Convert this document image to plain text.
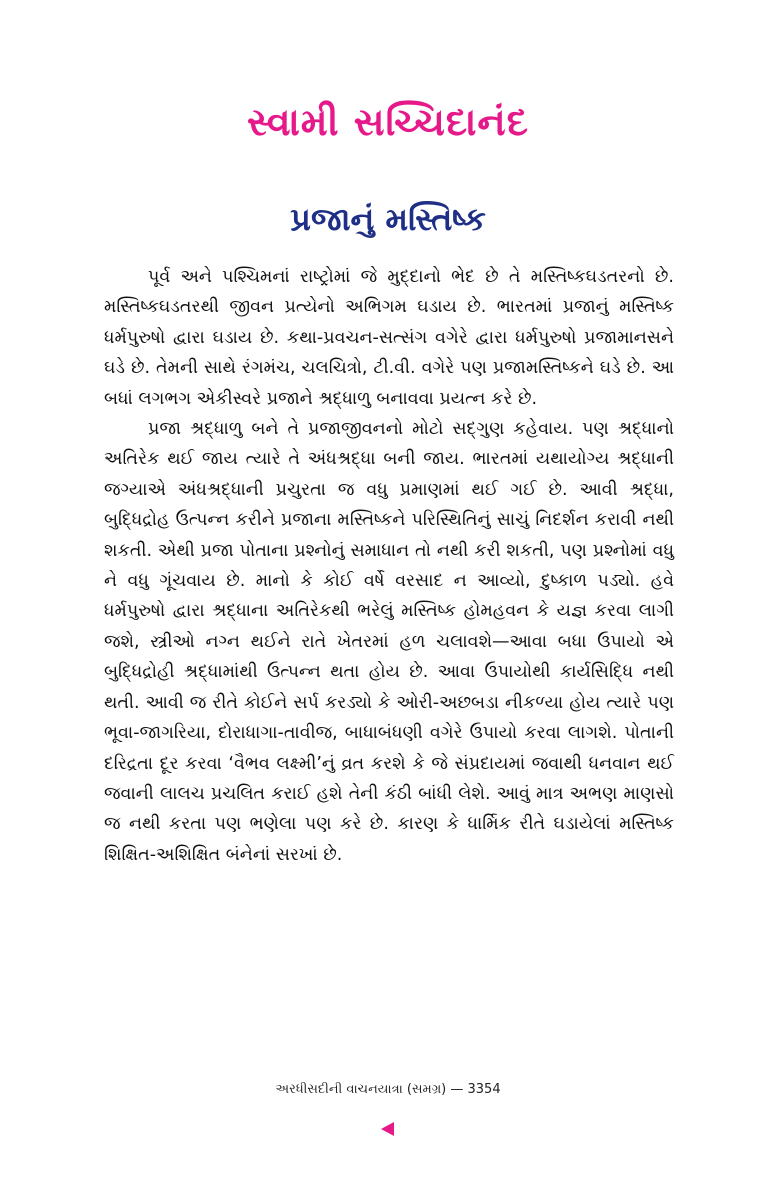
સ્વામી સચ્ચિદાનંદ
પ્રજાનું મસ્તિષ્ક

પૂર્વ અને પશ્ચિમનાં રાષ્ટ્રોમાં જે મુદ્દાનો ભેદ છે તે મસ્તિષ્કઘડતરનો છે. મસ્તિષ્કઘડતરથી જીવન પ્રત્યેનો અભિગમ ઘડાય છે. ભારતમાં પ્રજાનું મસ્તિષ્ક ધર્મપુરુષો દ્વારા ઘડાય છે. કથા-પ્રવચન-સત્સંગ વગેરે દ્વારા ધર્મપુરુષો પ્રજામાનસને ઘડે છે. તેમની સાથે રંગમંચ, ચલચિત્રો, ટી.વી. વગેરે પણ પ્રજામસ્તિષ્કને ઘડે છે. આ બધાં લગભગ એકીસ્વરે પ્રજાને શ્રદ્ધાળુ બનાવવા પ્રયત્ન કરે છે.

પ્રજા શ્રદ્ધાળુ બને તે પ્રજાજીવનનો મોટો સદ્ગુણ કહેવાય. પણ શ્રદ્ધાનો અતિરેક થઈ જાય ત્યારે તે અંધશ્રદ્ધા બની જાય. ભારતમાં યથાયોગ્ય શ્રદ્ધાની જગ્યાએ અંધશ્રદ્ધાની પ્રચુરતા જ વધુ પ્રમાણમાં થઈ ગઈ છે. આવી શ્રદ્ધા, બુદ્ધિદ્રોહ ઉત્પન્ન કરીને પ્રજાના મસ્તિષ્કને પરિસ્થિતિનું સાચું નિદર્શન કરાવી નથી શકતી. એથી પ્રજા પોતાના પ્રશ્નોનું સમાધાન તો નથી કરી શકતી, પણ પ્રશ્નોમાં વધુ ને વધુ ગૂંચવાય છે. માનો કે કોઈ વર્ષે વરસાદ ન આવ્યો, દુષ્કાળ પડ્યો. હવે ધર્મપુરુષો દ્વારા શ્રદ્ધાના અતિરેકથી ભરેલું મસ્તિષ્ક હોમહવન કે યજ્ઞ કરવા લાગી જશે, સ્ત્રીઓ નગ્ન થઈને રાતે ખેતરમાં હળ ચલાવશે—આવા બધા ઉપાયો એ બુદ્ધિદ્રોહી શ્રદ્ધામાંથી ઉત્પન્ન થતા હોય છે. આવા ઉપાયોથી કાર્યસિદ્ધિ નથી થતી. આવી જ રીતે કોઈને સર્પ કરડ્યો કે ઓરી-અછબડા નીકળ્યા હોય ત્યારે પણ ભૂવા-જાગરિયા, દોરાધાગા-તાવીજ, બાધાબંધણી વગેરે ઉપાયો કરવા લાગશે. પોતાની દરિદ્રતા દૂર કરવા ‘વૈભવ લક્ષ્મી’નું વ્રત કરશે કે જે સંપ્રદાયમાં જવાથી ધનવાન થઈ જવાની લાલચ પ્રચલિત કરાઈ હશે તેની કંઠી બાંધી લેશે. આવું માત્ર અભણ માણસો જ નથી કરતા પણ ભણેલા પણ કરે છે. કારણ કે ધાર્મિક રીતે ઘડાયેલાં મસ્તિષ્ક શિક્ષિત-અશિક્ષિત બંનેનાં સરખાં છે.

અરધીસદીની વાચનયાત્રા (સમગ્ર) — 3354
